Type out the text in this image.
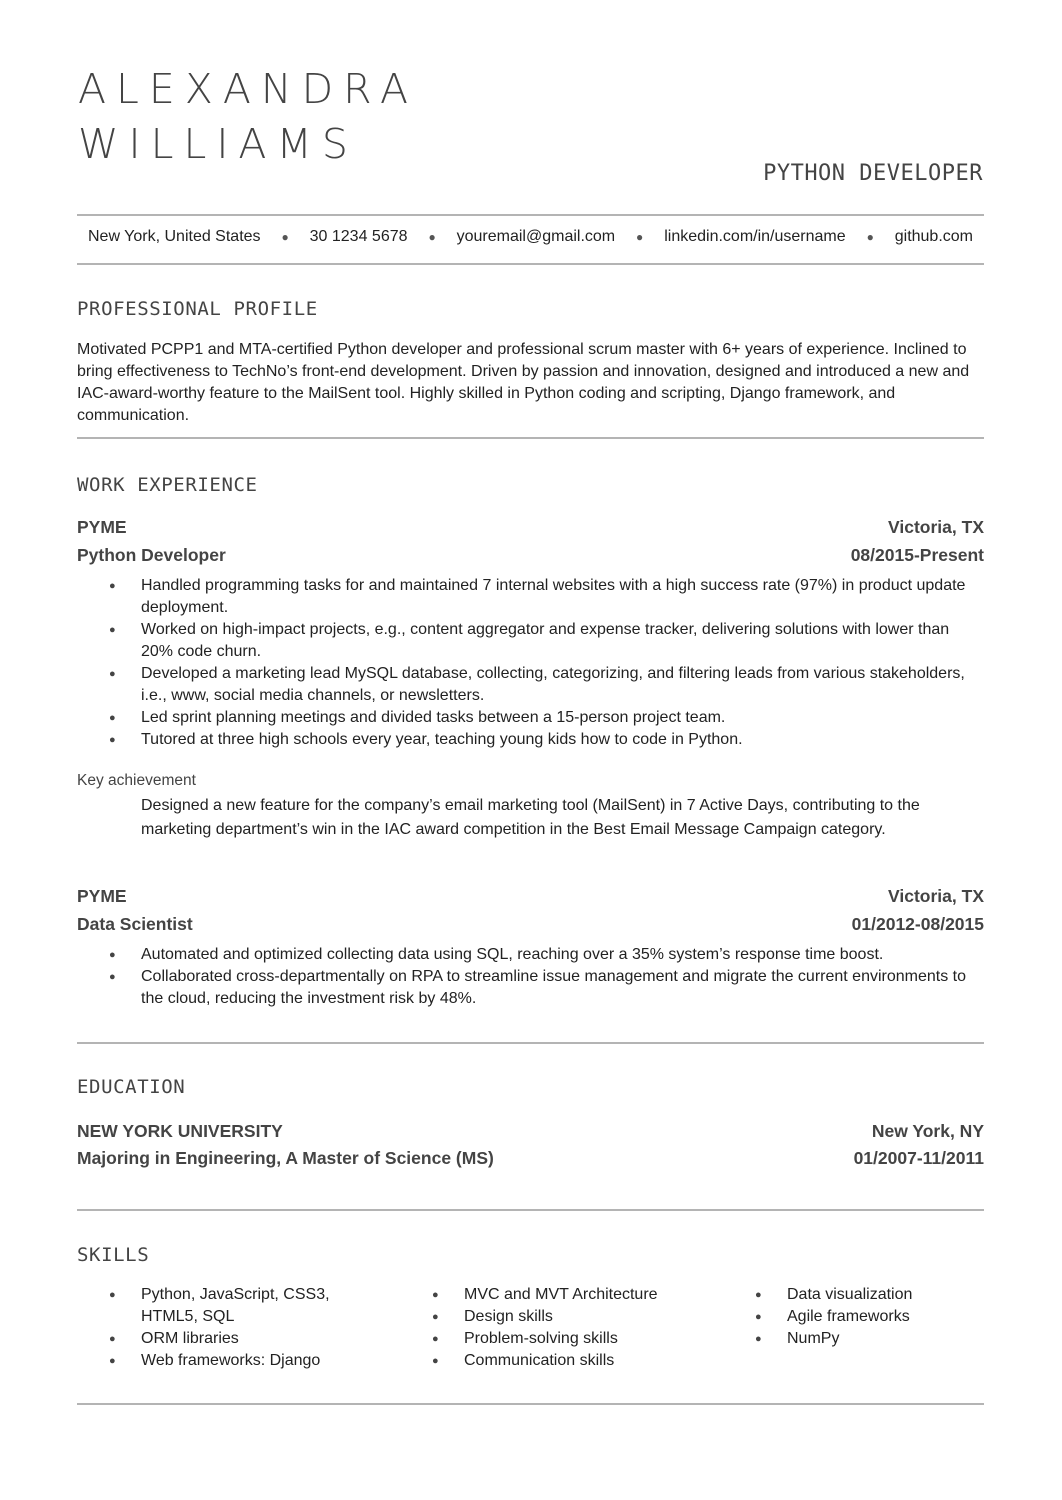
ALEXANDRA
WILLIAMS
PYTHON DEVELOPER
New York, United States ● 30 1234 5678 ● youremail@gmail.com ● linkedin.com/in/username ● github.com
PROFESSIONAL PROFILE

Motivated PCPP1 and MTA-certified Python developer and professional scrum master with 6+ years of experience. Inclined to bring effectiveness to TechNo’s front-end development. Driven by passion and innovation, designed and introduced a new and IAC-award-worthy feature to the MailSent tool. Highly skilled in Python coding and scripting, Django framework, and communication.

WORK EXPERIENCE
PYME	Victoria, TX
Python Developer	08/2015-Present
● Handled programming tasks for and maintained 7 internal websites with a high success rate (97%) in product update deployment.
● Worked on high-impact projects, e.g., content aggregator and expense tracker, delivering solutions with lower than 20% code churn.
● Developed a marketing lead MySQL database, collecting, categorizing, and filtering leads from various stakeholders, i.e., www, social media channels, or newsletters.
● Led sprint planning meetings and divided tasks between a 15-person project team.
● Tutored at three high schools every year, teaching young kids how to code in Python.

Key achievement

Designed a new feature for the company’s email marketing tool (MailSent) in 7 Active Days, contributing to the marketing department’s win in the IAC award competition in the Best Email Message Campaign category.

PYME	Victoria, TX
Data Scientist	01/2012-08/2015
● Automated and optimized collecting data using SQL, reaching over a 35% system’s response time boost.
● Collaborated cross-departmentally on RPA to streamline issue management and migrate the current environments to the cloud, reducing the investment risk by 48%.
EDUCATION
NEW YORK UNIVERSITY	New York, NY
Majoring in Engineering, A Master of Science (MS)	01/2007-11/2011
SKILLS
● Python, JavaScript, CSS3, HTML5, SQL
● ORM libraries
● Web frameworks: Django
● MVC and MVT Architecture
● Design skills
● Problem-solving skills
● Communication skills
● Data visualization
● Agile frameworks
● NumPy
